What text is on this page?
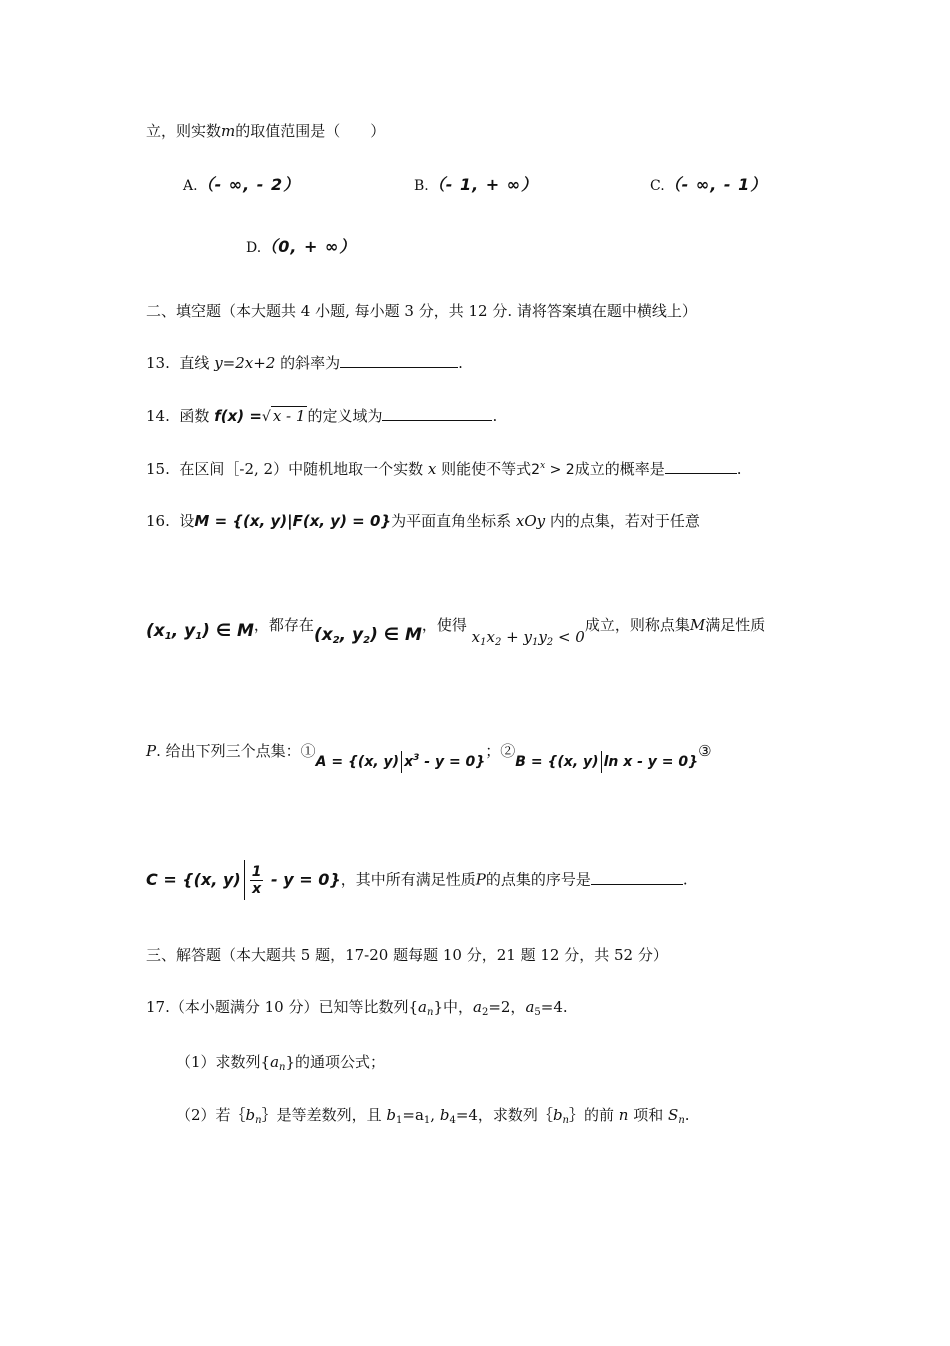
立，则实数m的取值范围是（　　）
A.（- ∞, - 2）	B.（- 1, + ∞）	C.（- ∞, - 1）
D.（0, + ∞）
二、填空题（本大题共 4 小题, 每小题 3 分，共 12 分. 请将答案填在题中横线上）
13. 直线 y=2x+2 的斜率为	.
14. 函数 f(x) =√ x - 1 的定义域为	.
15. 在区间［-2, 2）中随机地取一个实数 x 则能使不等式$2^x > 2$成立的概率是	.
16. 设M = {(x, y)|F(x, y) = 0}为平面直角坐标系 xOy 内的点集，若对于任意
($x_1$, $y_1$) ∈ M，都存在($x_2$, $y_2$) ∈ M，使得 $x_1x_2 + y_1y_2 < 0$成立，则称点集M满足性质
P. 给出下列三个点集：①A = {(x, y) $x^3 - y = 0$}；②B = {(x, y) ln x - y = 0}③
C = {(x, $y) \frac{1}{x} - y = 0$}，其中所有满足性质P的点集的序号是	.
三、解答题（本大题共 5 题，17-20 题每题 10 分，21 题 12 分，共 52 分）
17.（本小题满分 10 分）已知等比数列$\{a_n\}$中，$a_2=2$，$a_5=4$.
（1）求数列$\{a_n\}$的通项公式；
（2）若$\{b_n\}$是等差数列，且 $b_1=a_1$, $b_4=4$，求数列$\{b_n\}$的前 n 项和 $S_n$.
